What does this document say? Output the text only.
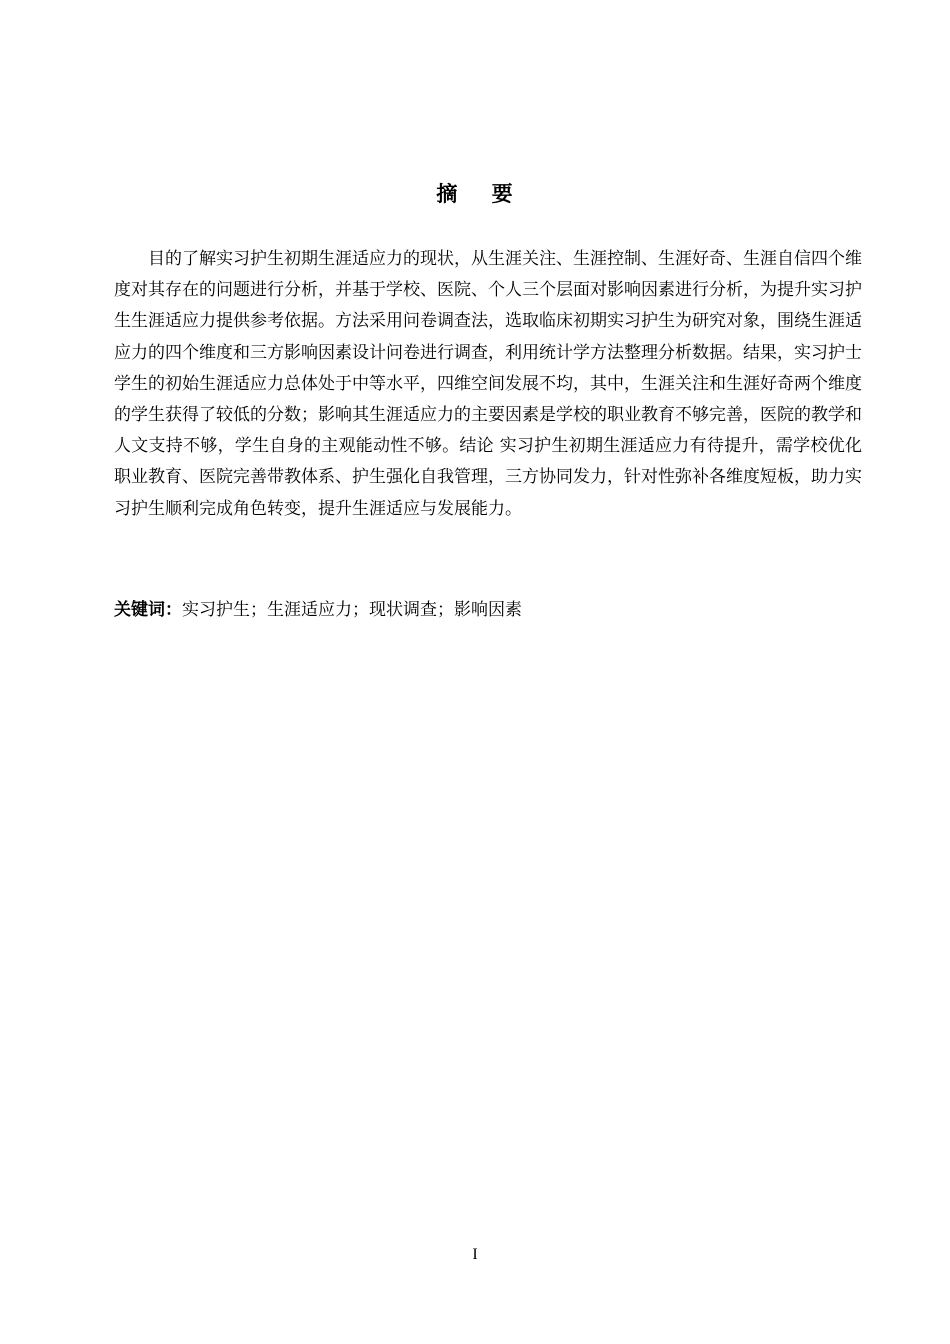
摘    要

目的了解实习护生初期生涯适应力的现状，从生涯关注、生涯控制、生涯好奇、生涯自信四个维度对其存在的问题进行分析，并基于学校、医院、个人三个层面对影响因素进行分析，为提升实习护生生涯适应力提供参考依据。方法采用问卷调查法，选取临床初期实习护生为研究对象，围绕生涯适应力的四个维度和三方影响因素设计问卷进行调查，利用统计学方法整理分析数据。结果，实习护士学生的初始生涯适应力总体处于中等水平，四维空间发展不均，其中，生涯关注和生涯好奇两个维度的学生获得了较低的分数；影响其生涯适应力的主要因素是学校的职业教育不够完善，医院的教学和人文支持不够，学生自身的主观能动性不够。结论 实习护生初期生涯适应力有待提升，需学校优化职业教育、医院完善带教体系、护生强化自我管理，三方协同发力，针对性弥补各维度短板，助力实习护生顺利完成角色转变，提升生涯适应与发展能力。

关键词：实习护生；生涯适应力；现状调查；影响因素

I
